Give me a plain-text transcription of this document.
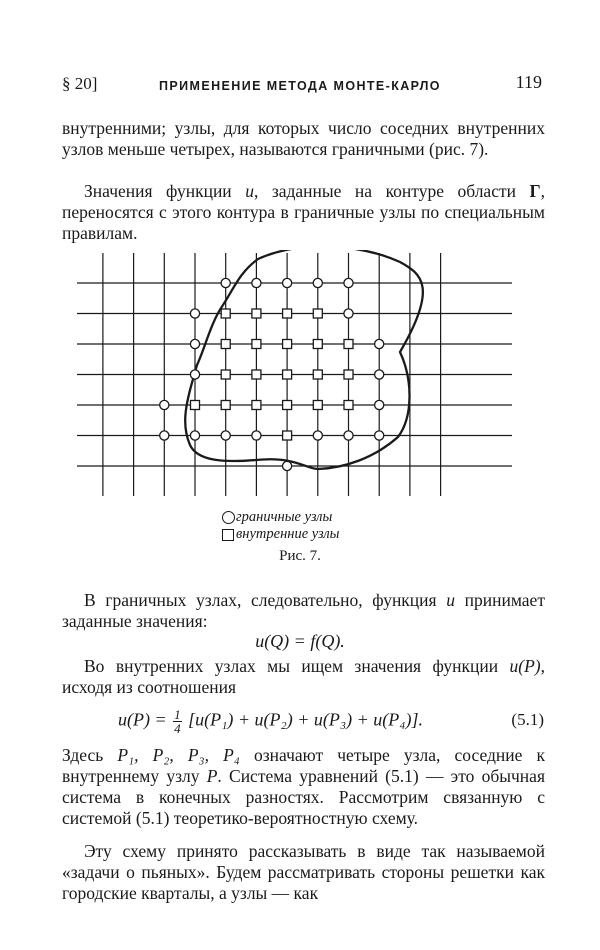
§ 20]	ПРИМЕНЕНИЕ МЕТОДА МОНТЕ-КАРЛО	119
внутренними; узлы, для которых число соседних внутренних узлов меньше четырех, называются граничными (рис. 7).
Значения функции u, заданные на контуре области Г, переносятся с этого контура в граничные узлы по специальным правилам.
граничные узлы
внутренние узлы
Рис. 7.
В граничных узлах, следовательно, функция u принимает заданные значения:
u(Q) = f(Q).
Во внутренних узлах мы ищем значения функции u(P), исходя из соотношения
$u(P) = \frac{1}{4} [u(P_1) + u(P_2) + u(P_3) + u(P_4)]$.	(5.1)
Здесь P₁, P₂, P₃, P₄ означают четыре узла, соседние к внутреннему узлу P. Система уравнений (5.1) — это обычная система в конечных разностях. Рассмотрим связанную с системой (5.1) теоретико-вероятностную схему.
Эту схему принято рассказывать в виде так называемой «задачи о пьяных». Будем рассматривать стороны решетки как городские кварталы, а узлы — как
